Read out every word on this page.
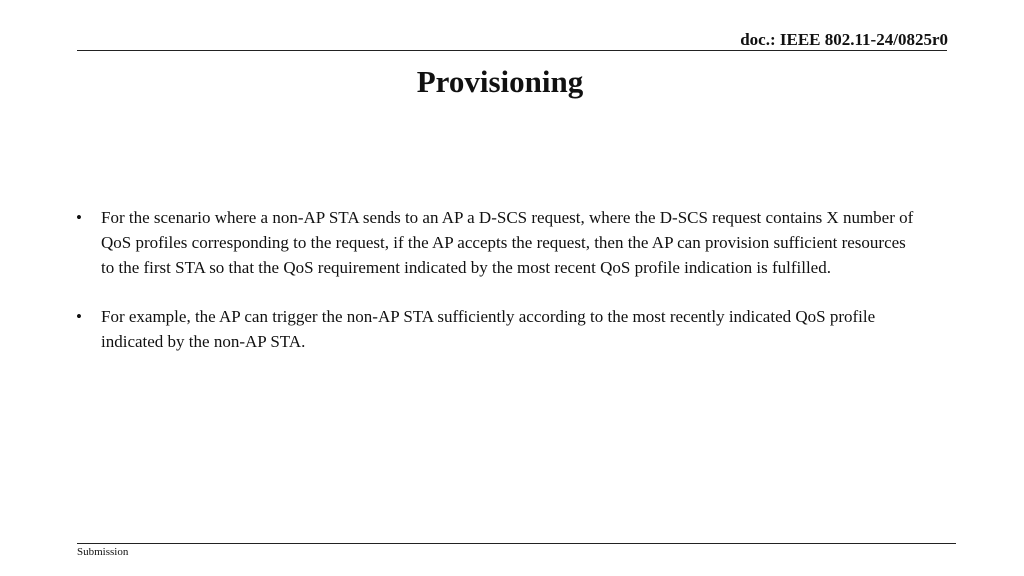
doc.: IEEE 802.11-24/0825r0
Provisioning
• For the scenario where a non-AP STA sends to an AP a D-SCS request, where the D-SCS request contains X number of QoS profiles corresponding to the request, if the AP accepts the request, then the AP can provision sufficient resources to the first STA so that the QoS requirement indicated by the most recent QoS profile indication is fulfilled.
• For example, the AP can trigger the non-AP STA sufficiently according to the most recently indicated QoS profile indicated by the non-AP STA.
Submission
